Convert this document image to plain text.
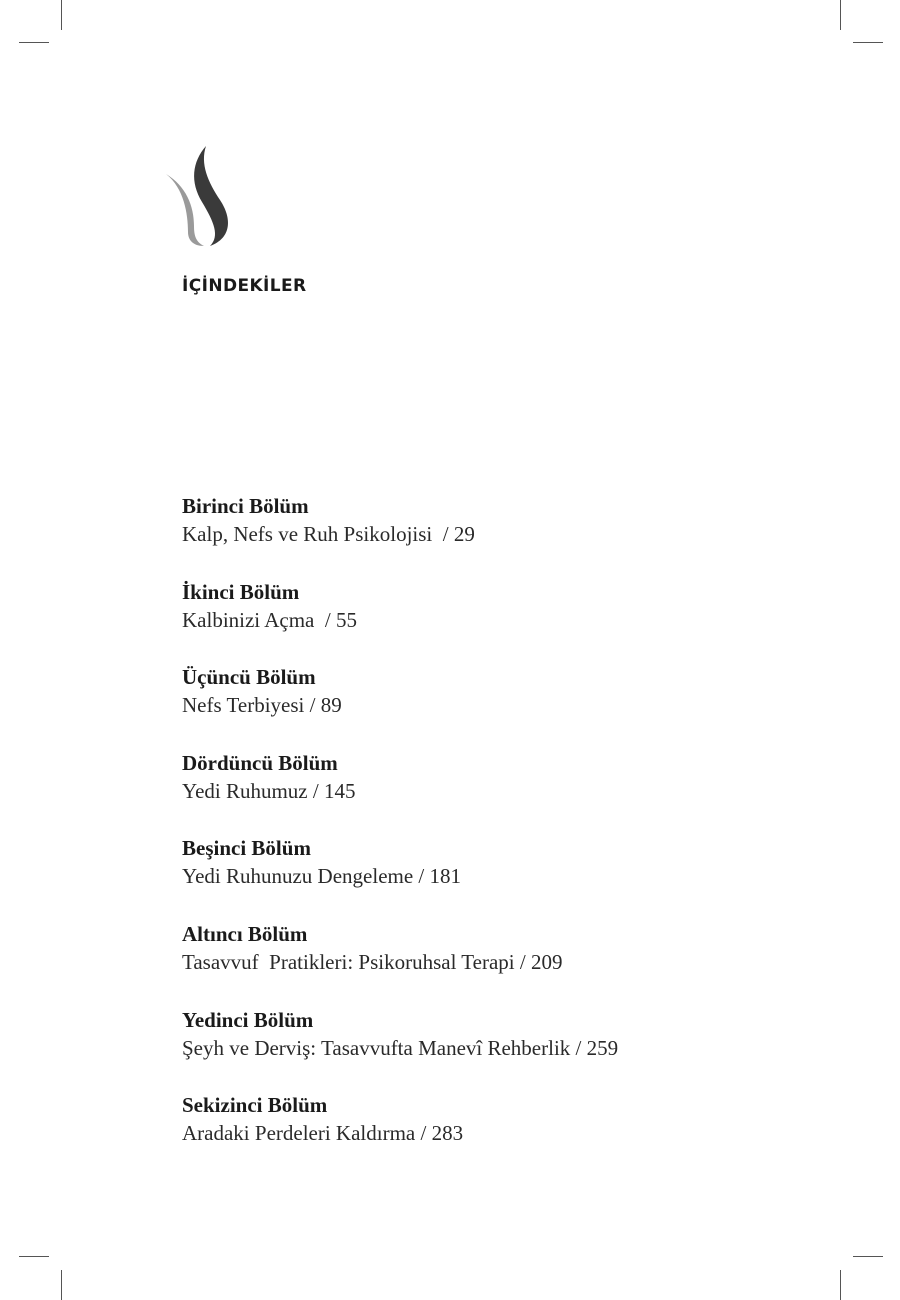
İÇİNDEKİLER
Birinci Bölüm
Kalp, Nefs ve Ruh Psikolojisi  / 29
İkinci Bölüm
Kalbinizi Açma  / 55
Üçüncü Bölüm
Nefs Terbiyesi / 89
Dördüncü Bölüm
Yedi Ruhumuz / 145
Beşinci Bölüm
Yedi Ruhunuzu Dengeleme / 181
Altıncı Bölüm
Tasavvuf  Pratikleri: Psikoruhsal Terapi / 209
Yedinci Bölüm
Şeyh ve Derviş: Tasavvufta Manevî Rehberlik / 259
Sekizinci Bölüm
Aradaki Perdeleri Kaldırma / 283
